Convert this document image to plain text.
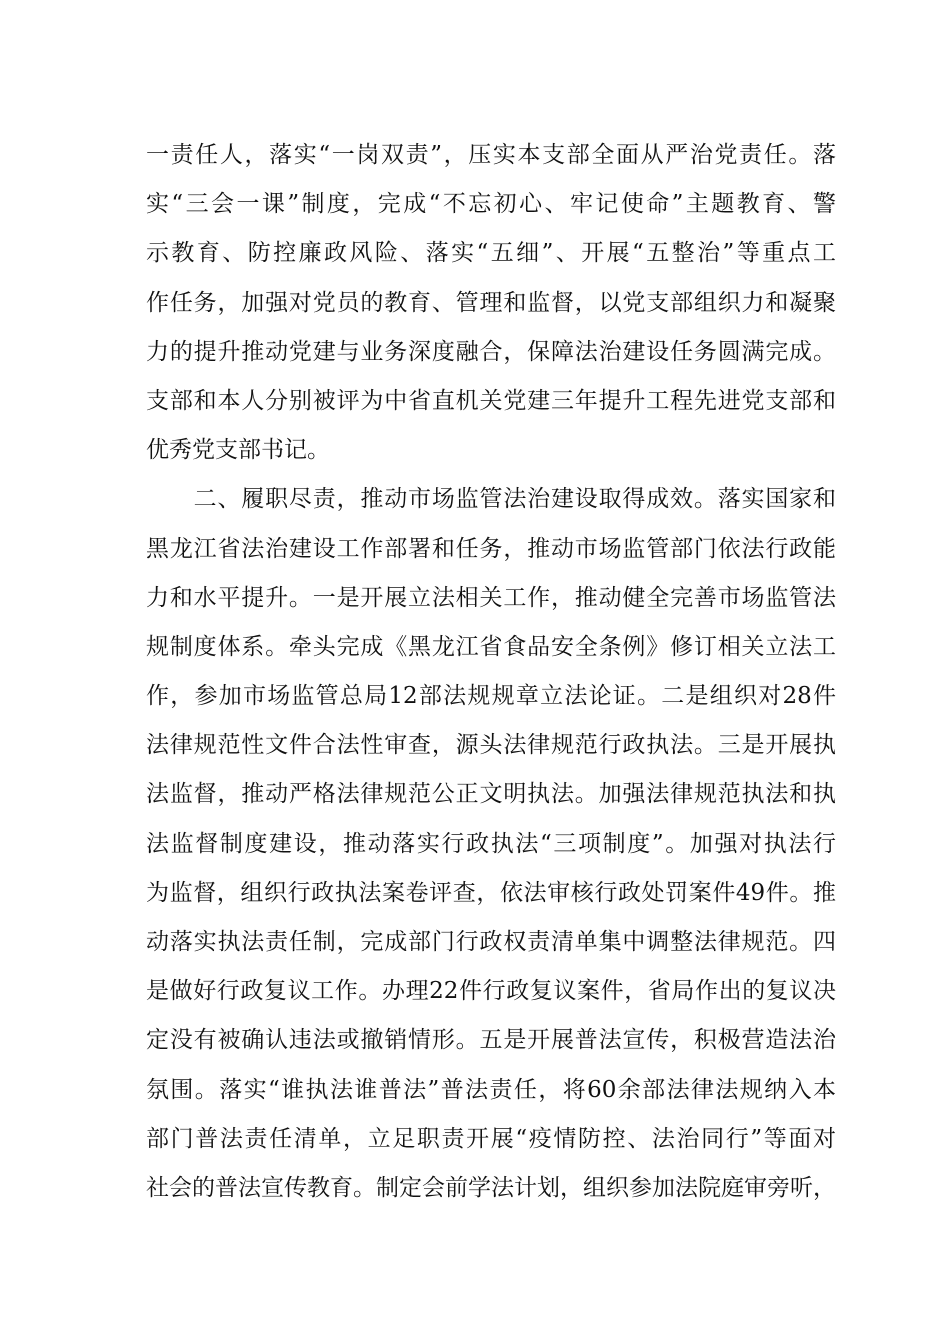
一责任人，落实“一岗双责”，压实本支部全面从严治党责任。落
实“三会一课”制度，完成“不忘初心、牢记使命”主题教育、警
示教育、防控廉政风险、落实“五细”、开展“五整治”等重点工
作任务，加强对党员的教育、管理和监督，以党支部组织力和凝聚
力的提升推动党建与业务深度融合，保障法治建设任务圆满完成。
支部和本人分别被评为中省直机关党建三年提升工程先进党支部和
优秀党支部书记。
　　二、履职尽责，推动市场监管法治建设取得成效。落实国家和
黑龙江省法治建设工作部署和任务，推动市场监管部门依法行政能
力和水平提升。一是开展立法相关工作，推动健全完善市场监管法
规制度体系。牵头完成《黑龙江省食品安全条例》修订相关立法工
作，参加市场监管总局12部法规规章立法论证。二是组织对28件
法律规范性文件合法性审查，源头法律规范行政执法。三是开展执
法监督，推动严格法律规范公正文明执法。加强法律规范执法和执
法监督制度建设，推动落实行政执法“三项制度”。加强对执法行
为监督，组织行政执法案卷评查，依法审核行政处罚案件49件。推
动落实执法责任制，完成部门行政权责清单集中调整法律规范。四
是做好行政复议工作。办理22件行政复议案件，省局作出的复议决
定没有被确认违法或撤销情形。五是开展普法宣传，积极营造法治
氛围。落实“谁执法谁普法”普法责任，将60余部法律法规纳入本
部门普法责任清单，立足职责开展“疫情防控、法治同行”等面对
社会的普法宣传教育。制定会前学法计划，组织参加法院庭审旁听，
